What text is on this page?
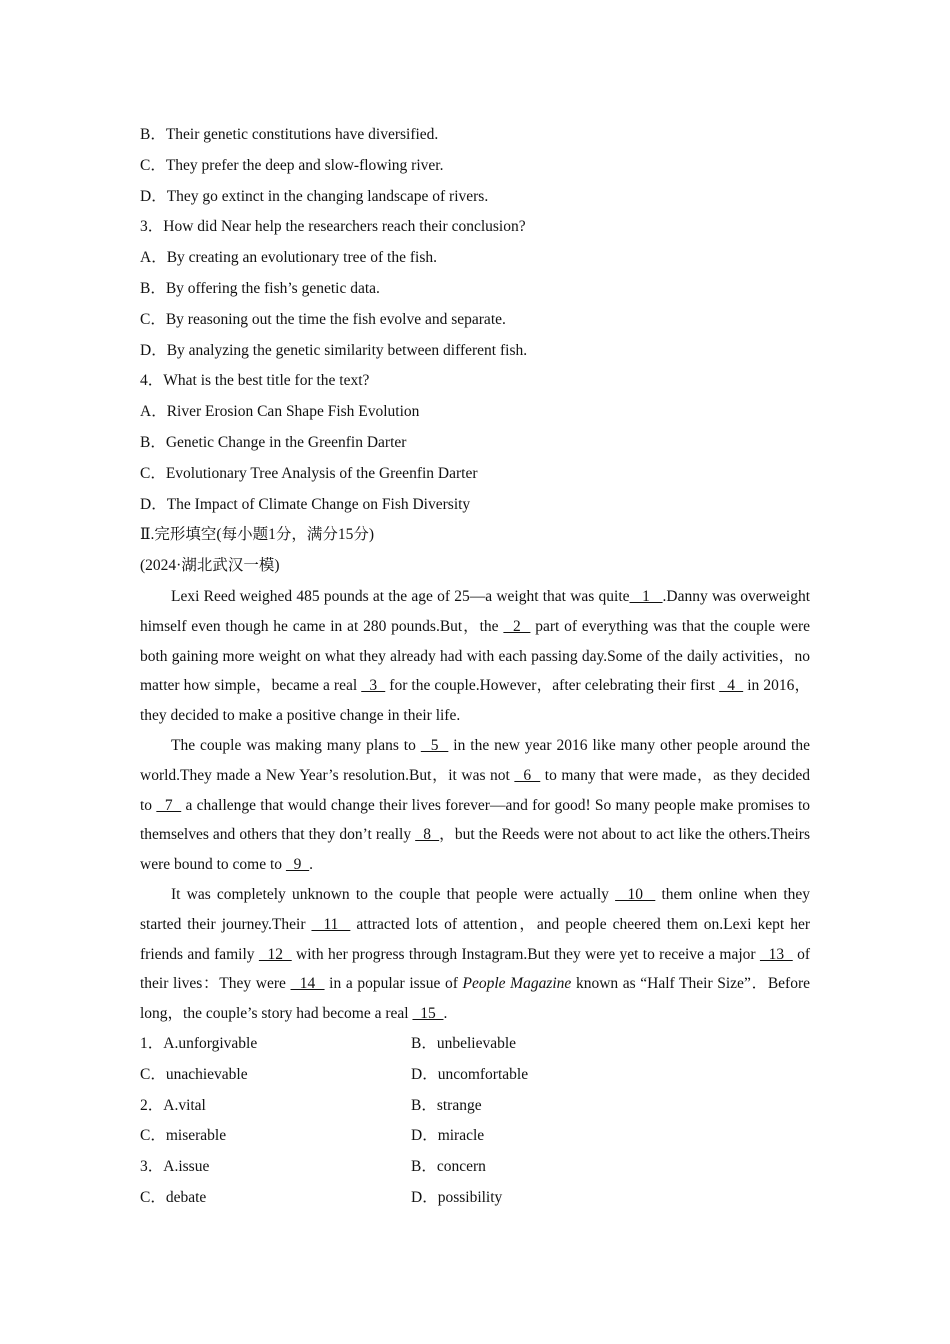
B．Their genetic constitutions have diversified.
C．They prefer the deep and slow-flowing river.
D．They go extinct in the changing landscape of rivers.
3．How did Near help the researchers reach their conclusion?
A．By creating an evolutionary tree of the fish.
B．By offering the fish’s genetic data.
C．By reasoning out the time the fish evolve and separate.
D．By analyzing the genetic similarity between different fish.
4．What is the best title for the text?
A．River Erosion Can Shape Fish Evolution
B．Genetic Change in the Greenfin Darter
C．Evolutionary Tree Analysis of the Greenfin Darter
D．The Impact of Climate Change on Fish Diversity
Ⅱ.完形填空(每小题1分，满分15分)
(2024·湖北武汉一模)

Lexi Reed weighed 485 pounds at the age of 25—a weight that was quite   1   .Danny was overweight himself even though he came in at 280 pounds.But，the   2   part of everything was that the couple were both gaining more weight on what they already had with each passing day.Some of the daily activities，no matter how simple，became a real   3   for the couple.However，after celebrating their first   4   in 2016，they decided to make a positive change in their life.

The couple was making many plans to   5   in the new year 2016 like many other people around the world.They made a New Year’s resolution.But，it was not   6   to many that were made，as they decided to   7   a challenge that would change their lives forever—and for good! So many people make promises to themselves and others that they don’t really   8  ，but the Reeds were not about to act like the others.Theirs were bound to come to   9  .

It was completely unknown to the couple that people were actually   10   them online when they started their journey.Their   11   attracted lots of attention，and people cheered them on.Lexi kept her friends and family   12   with her progress through Instagram.But they were yet to receive a major   13   of their lives：They were   14   in a popular issue of People Magazine known as “Half Their Size”．Before long，the couple’s story had become a real   15  .

1．A.unforgivable	B．unbelievable
C．unachievable	D．uncomfortable
2．A.vital	B．strange
C．miserable	D．miracle
3．A.issue	B．concern
C．debate	D．possibility
